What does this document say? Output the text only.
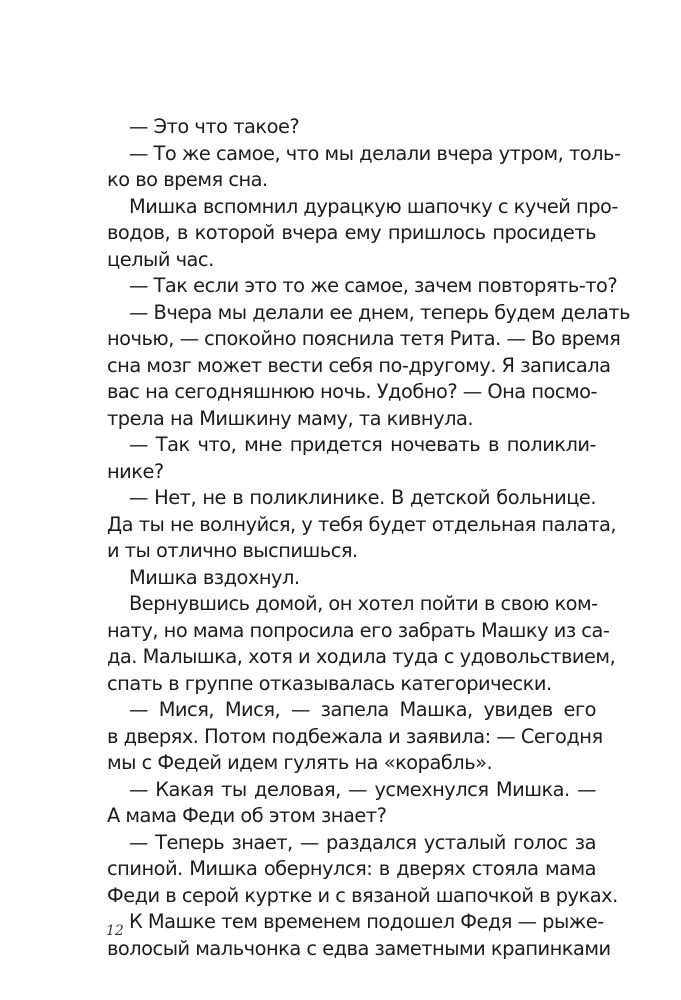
— Это что такое?
— То же самое, что мы делали вчера утром, толь-
ко во время сна.
Мишка вспомнил дурацкую шапочку с кучей про-
водов, в которой вчера ему пришлось просидеть
целый час.
— Так если это то же самое, зачем повторять-то?
— Вчера мы делали ее днем, теперь будем делать
ночью, — спокойно пояснила тетя Рита. — Во время
сна мозг может вести себя по-другому. Я записала
вас на сегодняшнюю ночь. Удобно? — Она посмо-
трела на Мишкину маму, та кивнула.
— Так что, мне придется ночевать в поликли-
нике?
— Нет, не в поликлинике. В детской больнице.
Да ты не волнуйся, у тебя будет отдельная палата,
и ты отлично выспишься.
Мишка вздохнул.
Вернувшись домой, он хотел пойти в свою ком-
нату, но мама попросила его забрать Машку из са-
да. Малышка, хотя и ходила туда с удовольствием,
спать в группе отказывалась категорически.
— Мися, Мися, — запела Машка, увидев его
в дверях. Потом подбежала и заявила: — Сегодня
мы с Федей идем гулять на «корабль».
— Какая ты деловая, — усмехнулся Мишка. —
А мама Феди об этом знает?
— Теперь знает, — раздался усталый голос за
спиной. Мишка обернулся: в дверях стояла мама
Феди в серой куртке и с вязаной шапочкой в руках.
К Машке тем временем подошел Федя — рыже-
волосый мальчонка с едва заметными крапинками
12
